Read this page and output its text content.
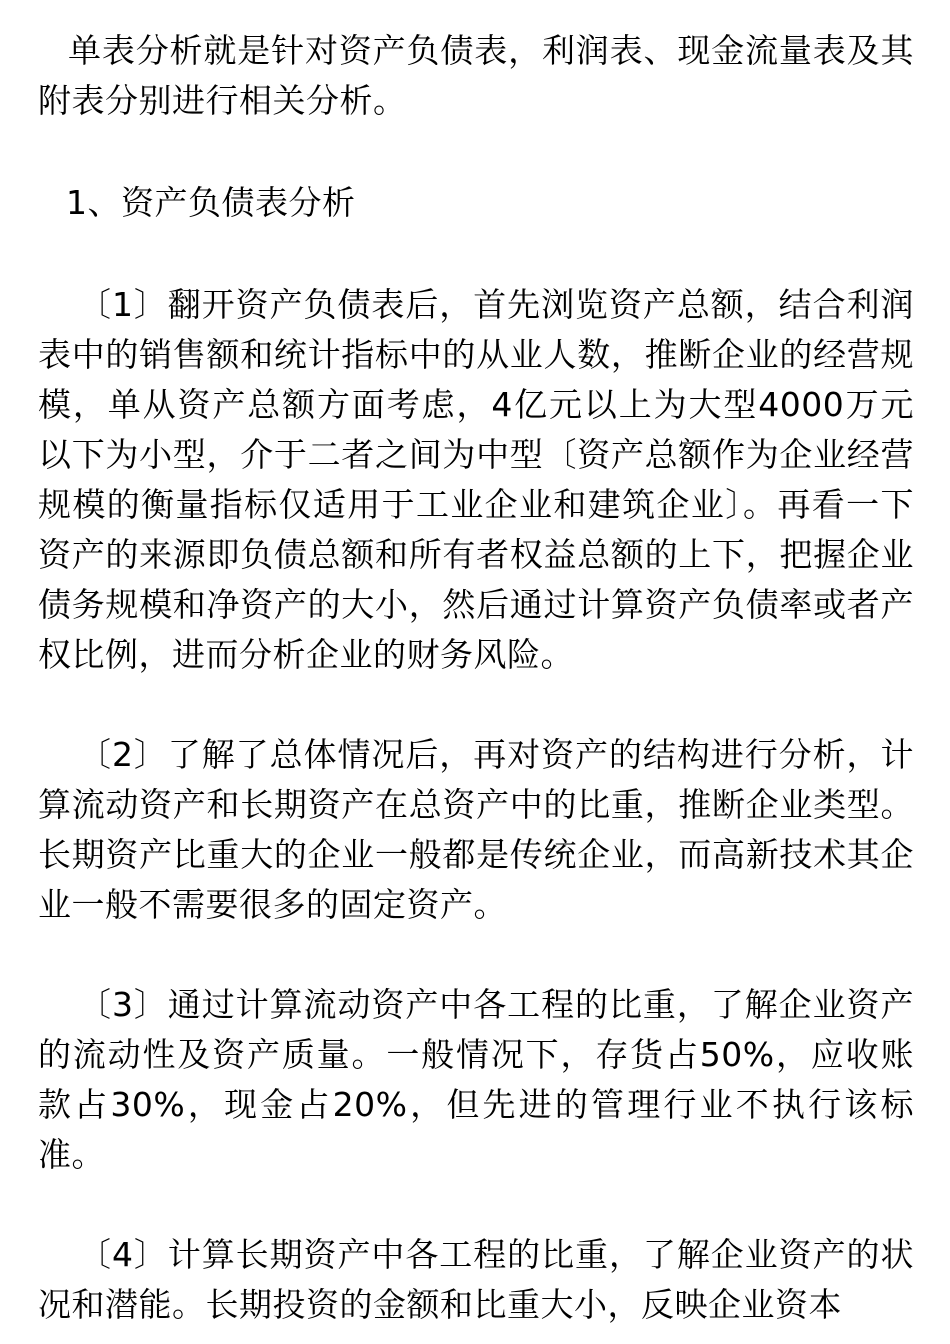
单表分析就是针对资产负债表，利润表、现金流量表及其附表分别进行相关分析。

1、资产负债表分析

〔1〕翻开资产负债表后，首先浏览资产总额，结合利润表中的销售额和统计指标中的从业人数，推断企业的经营规模，单从资产总额方面考虑，4亿元以上为大型4000万元以下为小型，介于二者之间为中型〔资产总额作为企业经营规模的衡量指标仅适用于工业企业和建筑企业〕。再看一下资产的来源即负债总额和所有者权益总额的上下，把握企业债务规模和净资产的大小，然后通过计算资产负债率或者产权比例，进而分析企业的财务风险。

〔2〕了解了总体情况后，再对资产的结构进行分析，计算流动资产和长期资产在总资产中的比重，推断企业类型。长期资产比重大的企业一般都是传统企业，而高新技术其企业一般不需要很多的固定资产。

〔3〕通过计算流动资产中各工程的比重，了解企业资产的流动性及资产质量。一般情况下，存货占50%，应收账款占30%，现金占20%，但先进的管理行业不执行该标准。

〔4〕计算长期资产中各工程的比重，了解企业资产的状况和潜能。长期投资的金额和比重大小，反映企业资本
